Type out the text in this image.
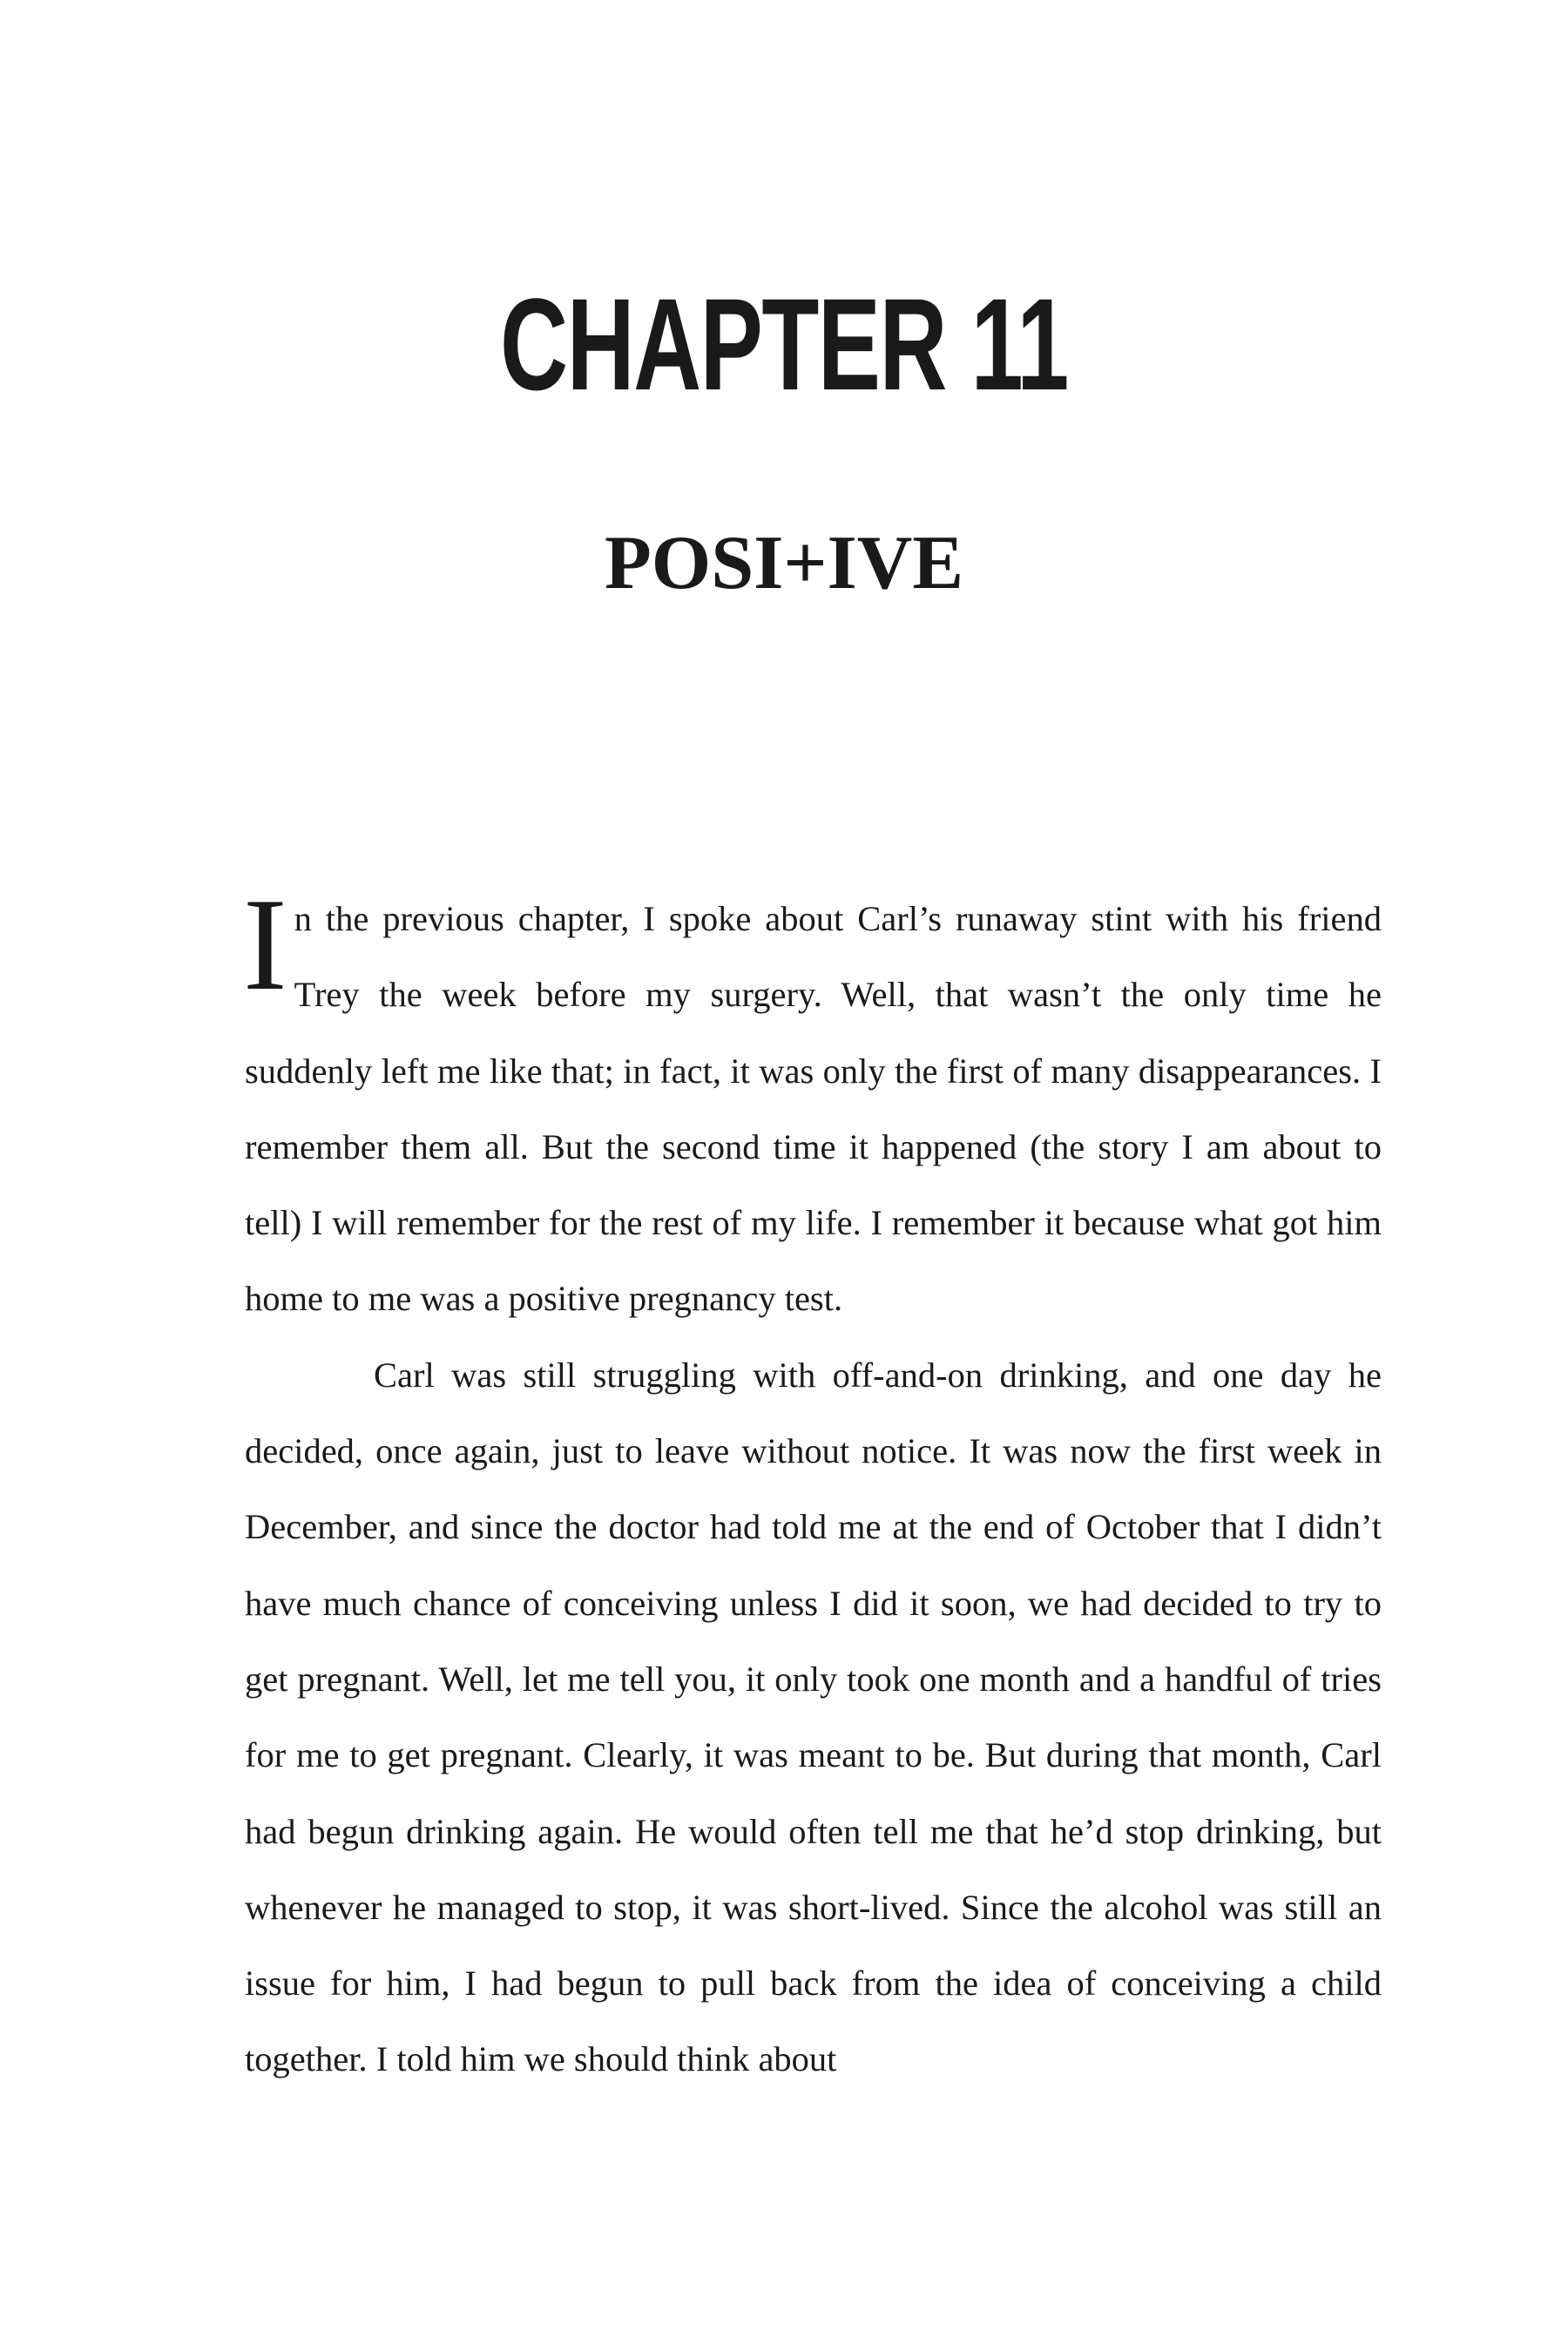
CHAPTER 11
POSI+IVE

In the previous chapter, I spoke about Carl’s runaway stint with his friend Trey the week before my surgery. Well, that wasn’t the only time he suddenly left me like that; in fact, it was only the first of many disappearances. I remember them all. But the second time it happened (the story I am about to tell) I will remember for the rest of my life. I remember it because what got him home to me was a positive pregnancy test.

Carl was still struggling with off-and-on drinking, and one day he decided, once again, just to leave without notice. It was now the first week in December, and since the doctor had told me at the end of October that I didn’t have much chance of conceiving unless I did it soon, we had decided to try to get pregnant. Well, let me tell you, it only took one month and a handful of tries for me to get pregnant. Clearly, it was meant to be. But during that month, Carl had begun drinking again. He would often tell me that he’d stop drinking, but whenever he managed to stop, it was short-lived. Since the alcohol was still an issue for him, I had begun to pull back from the idea of conceiving a child together. I told him we should think about
